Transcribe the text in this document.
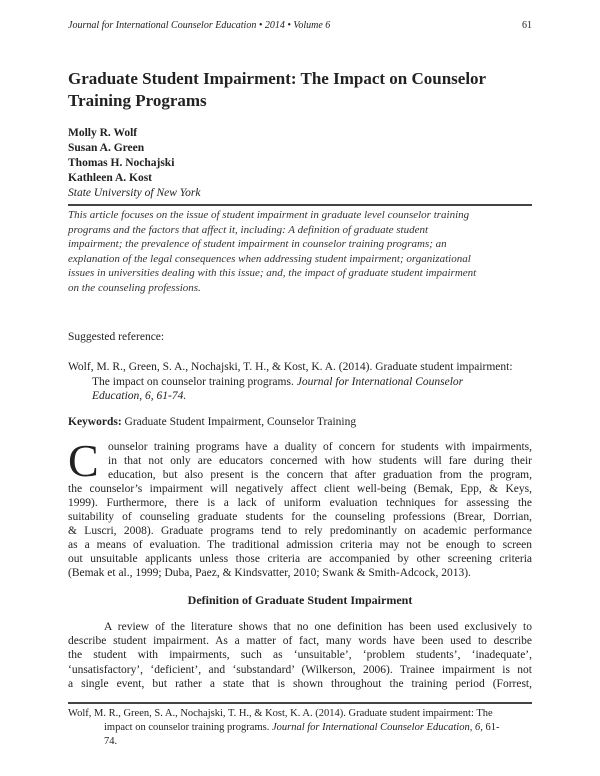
Journal for International Counselor Education • 2014 • Volume 6	61
Graduate Student Impairment: The Impact on Counselor
Training Programs
Molly R. Wolf
Susan A. Green
Thomas H. Nochajski
Kathleen A. Kost
State University of New York
This article focuses on the issue of student impairment in graduate level counselor training
programs and the factors that affect it, including: A definition of graduate student
impairment; the prevalence of student impairment in counselor training programs; an
explanation of the legal consequences when addressing student impairment; organizational
issues in universities dealing with this issue; and, the impact of graduate student impairment
on the counseling professions.
Suggested reference:
Wolf, M. R., Green, S. A., Nochajski, T. H., & Kost, K. A. (2014). Graduate student impairment:
The impact on counselor training programs. Journal for International Counselor
Education, 6, 61-74.
Keywords: Graduate Student Impairment, Counselor Training
C ounselor training programs have a duality of concern for students with impairments,
in that not only are educators concerned with how students will fare during their
education, but also present is the concern that after graduation from the program,
the counselor’s impairment will negatively affect client well-being (Bemak, Epp, & Keys,
1999). Furthermore, there is a lack of uniform evaluation techniques for assessing the
suitability of counseling graduate students for the counseling professions (Brear, Dorrian,
& Luscri, 2008). Graduate programs tend to rely predominantly on academic performance
as a means of evaluation. The traditional admission criteria may not be enough to screen
out unsuitable applicants unless those criteria are accompanied by other screening criteria
(Bemak et al., 1999; Duba, Paez, & Kindsvatter, 2010; Swank & Smith-Adcock, 2013).
Definition of Graduate Student Impairment
A review of the literature shows that no one definition has been used exclusively to
describe student impairment. As a matter of fact, many words have been used to describe
the student with impairments, such as ‘unsuitable’, ‘problem students’, ‘inadequate’,
‘unsatisfactory’, ‘deficient’, and ‘substandard’ (Wilkerson, 2006). Trainee impairment is not
a single event, but rather a state that is shown throughout the training period (Forrest,
Wolf, M. R., Green, S. A., Nochajski, T. H., & Kost, K. A. (2014). Graduate student impairment: The
impact on counselor training programs. Journal for International Counselor Education, 6, 61-
74.
